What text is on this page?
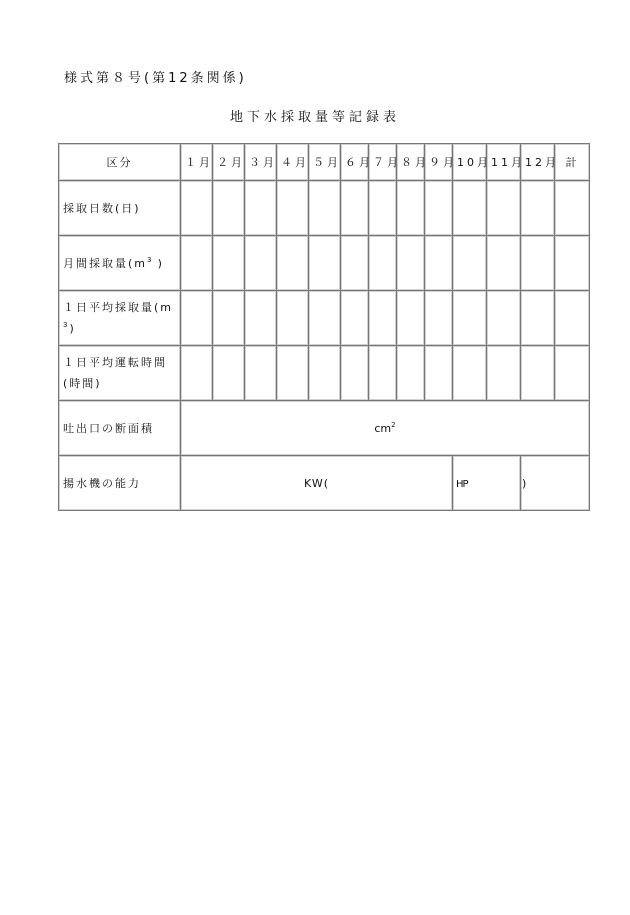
様式第８号(第12条関係)
地下水採取量等記録表
区分	１月	２月	３月	４月	５月	６月	７月	８月	９月	10月	11月	12月	計
採取日数(日)													
月間採取量($m^3$ )													
１日平均採取量(m
$^3$)													
１日平均運転時間(時間)													
吐出口の断面積	$cm^2$
揚水機の能力	KW(									HP		)	
